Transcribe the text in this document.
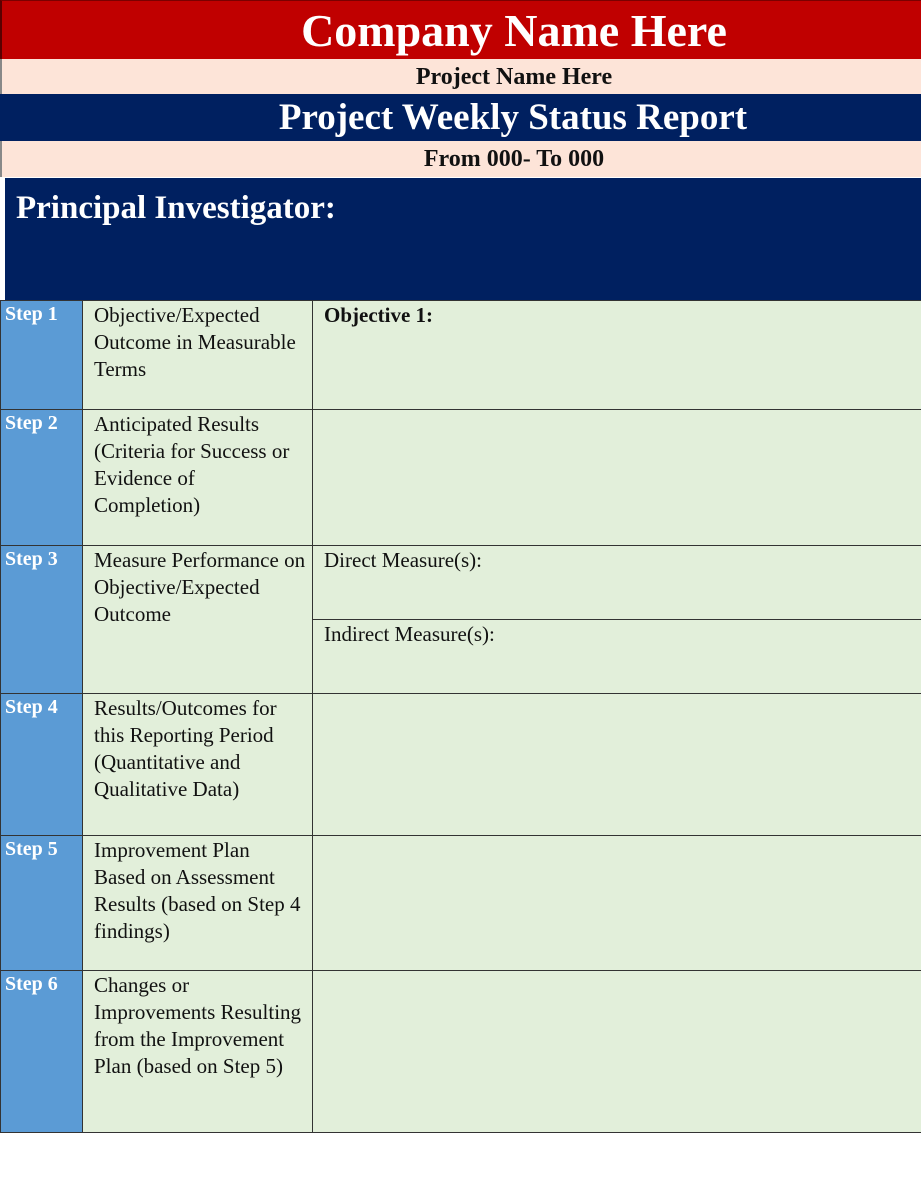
Company Name Here
Project Name Here
Project Weekly Status Report
From 000- To 000
Principal Investigator:
Step 1	Objective/Expected Outcome in Measurable Terms	Objective 1:
Step 2	Anticipated Results (Criteria for Success or Evidence of Completion)	
Step 3	Measure Performance on Objective/Expected Outcome	Direct Measure(s):
		Indirect Measure(s):
Step 4	Results/Outcomes for this Reporting Period (Quantitative and Qualitative Data)	
Step 5	Improvement Plan Based on Assessment Results (based on Step 4 findings)	
Step 6	Changes or Improvements Resulting from the Improvement Plan (based on Step 5)	
